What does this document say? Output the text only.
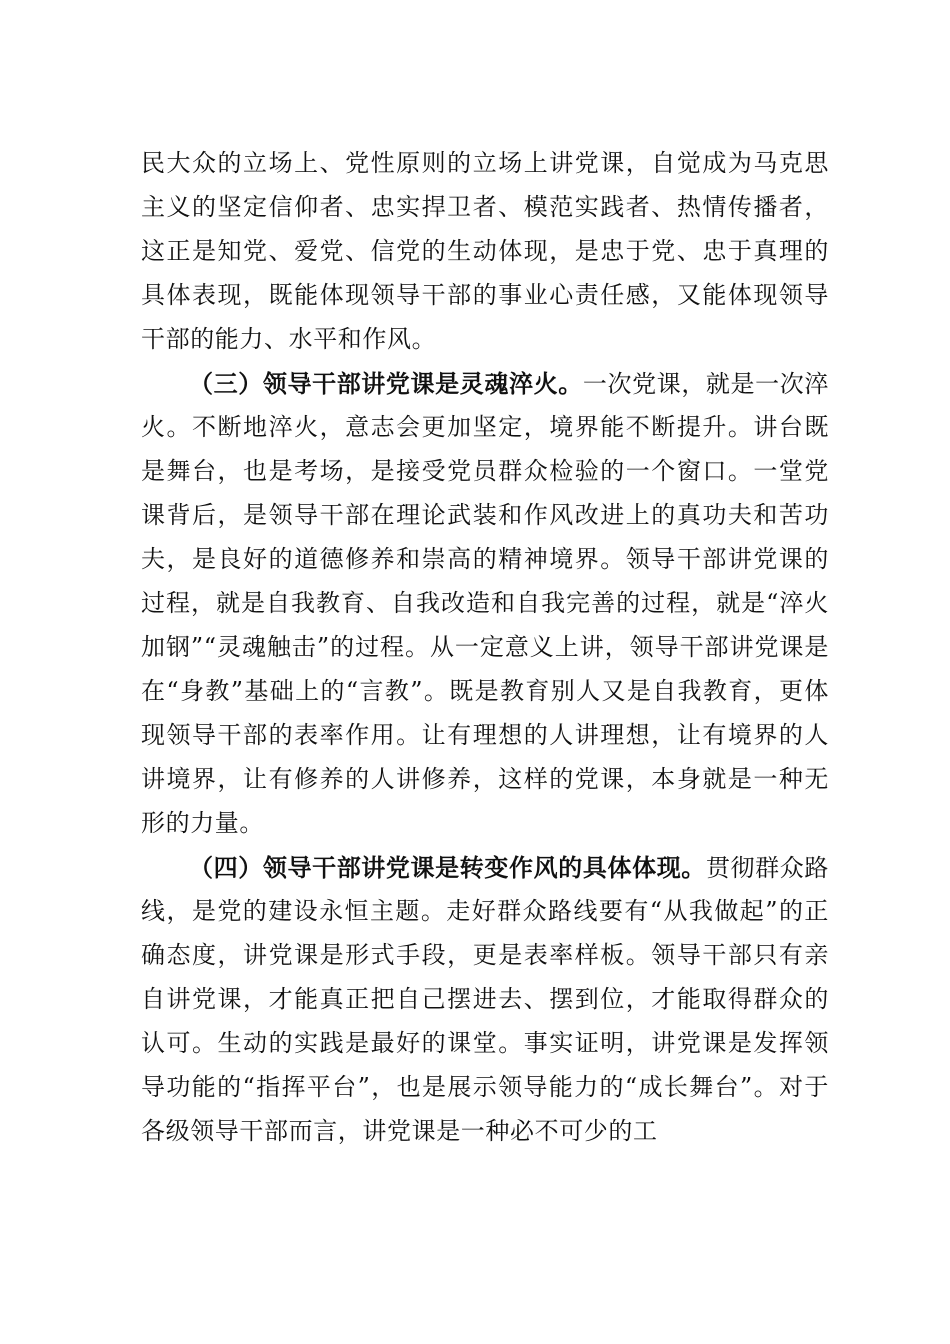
民大众的立场上、党性原则的立场上讲党课，自觉成为马克思主义的坚定信仰者、忠实捍卫者、模范实践者、热情传播者，这正是知党、爱党、信党的生动体现，是忠于党、忠于真理的具体表现，既能体现领导干部的事业心责任感，又能体现领导干部的能力、水平和作风。

（三）领导干部讲党课是灵魂淬火。一次党课，就是一次淬火。不断地淬火，意志会更加坚定，境界能不断提升。讲台既是舞台，也是考场，是接受党员群众检验的一个窗口。一堂党课背后，是领导干部在理论武装和作风改进上的真功夫和苦功夫，是良好的道德修养和崇高的精神境界。领导干部讲党课的过程，就是自我教育、自我改造和自我完善的过程，就是“淬火加钢”“灵魂触击”的过程。从一定意义上讲，领导干部讲党课是在“身教”基础上的“言教”。既是教育别人又是自我教育，更体现领导干部的表率作用。让有理想的人讲理想，让有境界的人讲境界，让有修养的人讲修养，这样的党课，本身就是一种无形的力量。

（四）领导干部讲党课是转变作风的具体体现。贯彻群众路线，是党的建设永恒主题。走好群众路线要有“从我做起”的正确态度，讲党课是形式手段，更是表率样板。领导干部只有亲自讲党课，才能真正把自己摆进去、摆到位，才能取得群众的认可。生动的实践是最好的课堂。事实证明，讲党课是发挥领导功能的“指挥平台”，也是展示领导能力的“成长舞台”。对于各级领导干部而言，讲党课是一种必不可少的工
